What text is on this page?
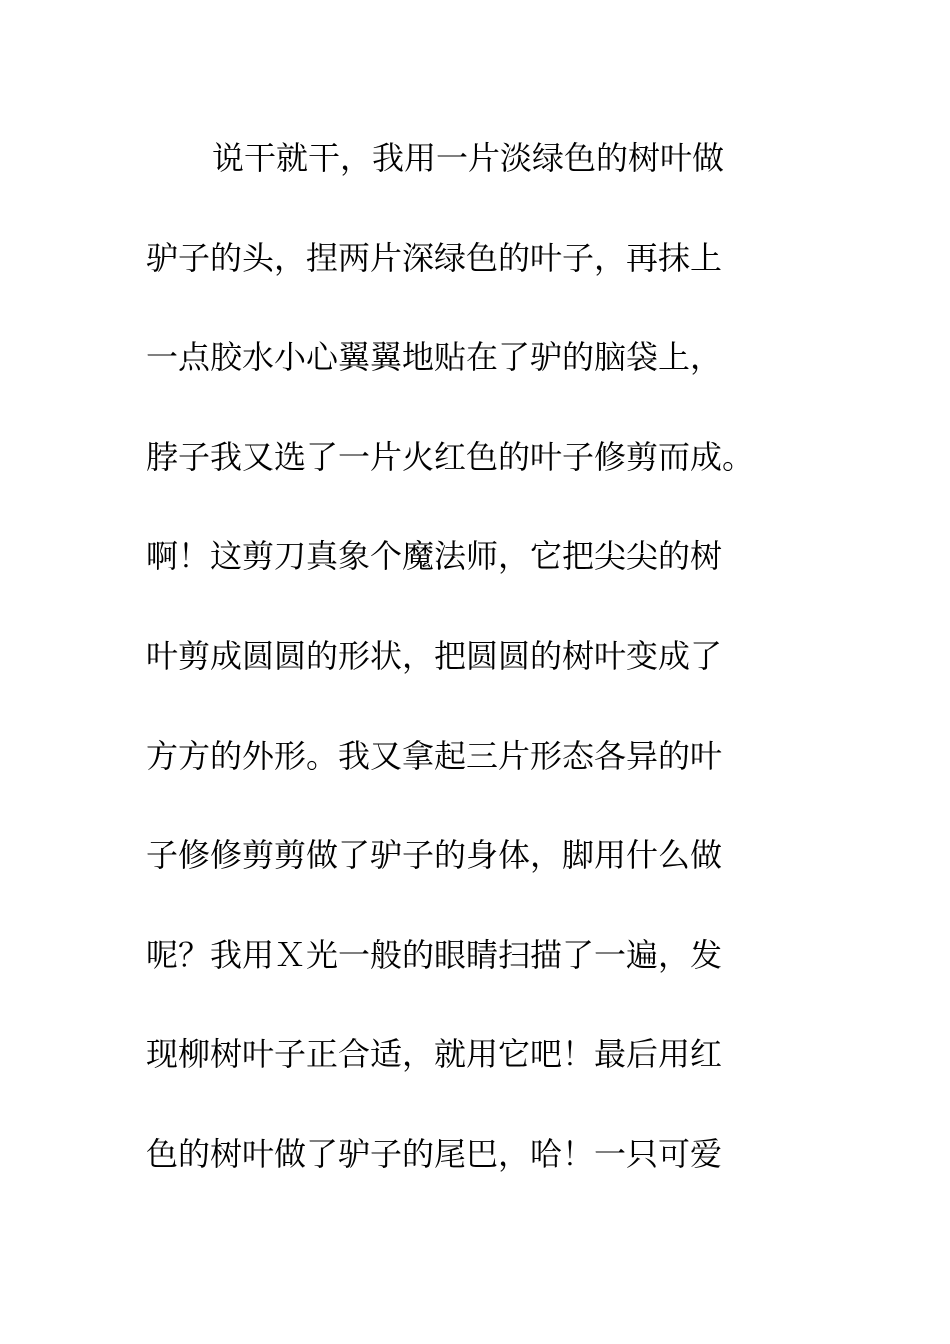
说干就干，我用一片淡绿色的树叶做
驴子的头，捏两片深绿色的叶子，再抹上
一点胶水小心翼翼地贴在了驴的脑袋上，
脖子我又选了一片火红色的叶子修剪而成。
啊！这剪刀真象个魔法师，它把尖尖的树
叶剪成圆圆的形状，把圆圆的树叶变成了
方方的外形。我又拿起三片形态各异的叶
子修修剪剪做了驴子的身体，脚用什么做
呢？我用Ｘ光一般的眼睛扫描了一遍，发
现柳树叶子正合适，就用它吧！最后用红
色的树叶做了驴子的尾巴，哈！一只可爱
